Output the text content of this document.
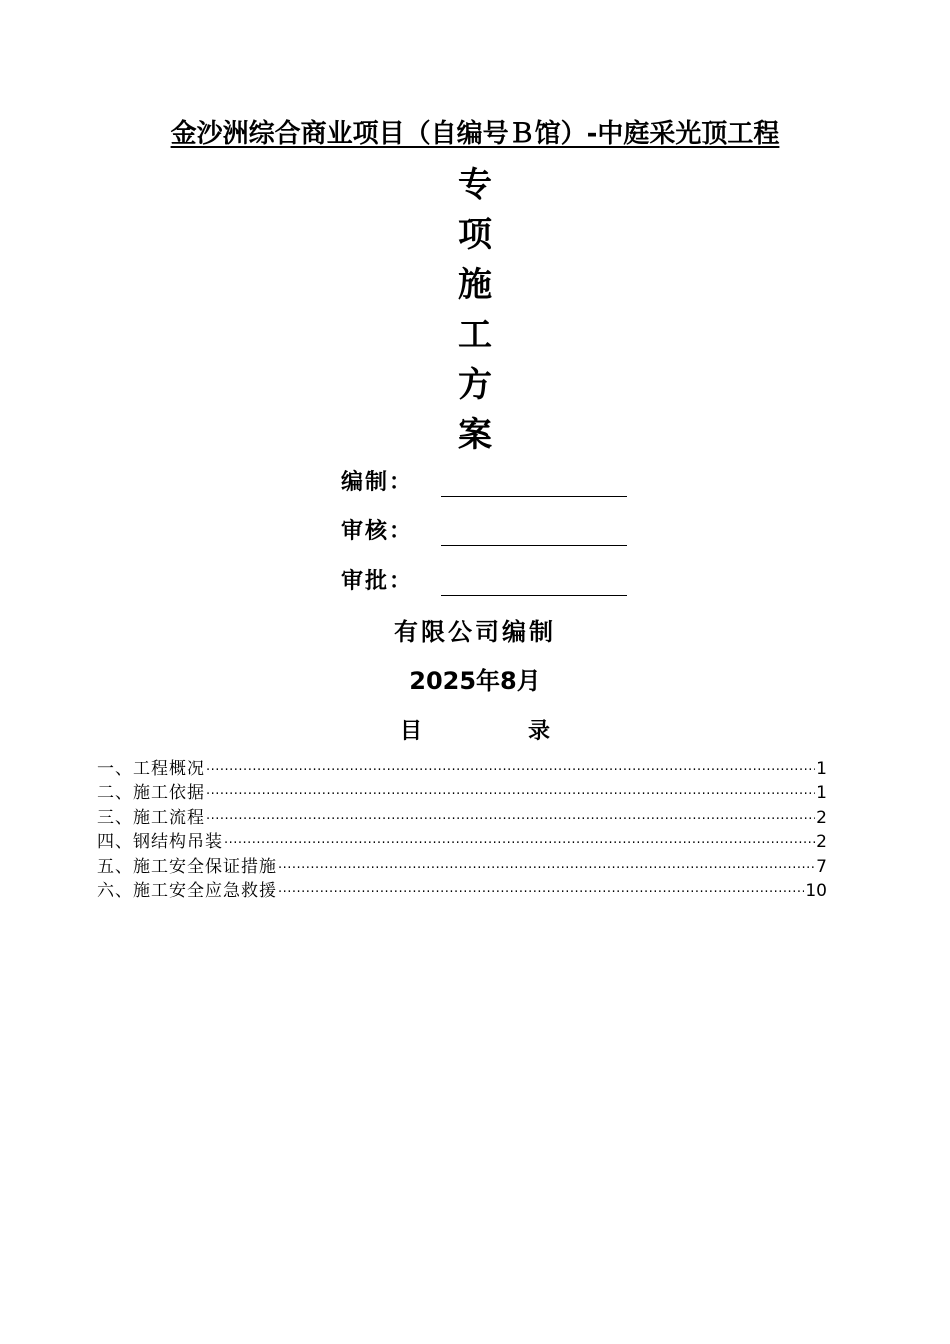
金沙洲综合商业项目（自编号Ｂ馆）-中庭采光顶工程
专
项
施
工
方
案
编制：
审核：
审批：
有限公司编制
2025年8月
目	录
一、工程概况 ·····	1
二、施工依据 ·····	1
三、施工流程 ·····	2
四、钢结构吊装 ·····	2
五、施工安全保证措施 ·····	7
六、施工安全应急救援 ·····	10
